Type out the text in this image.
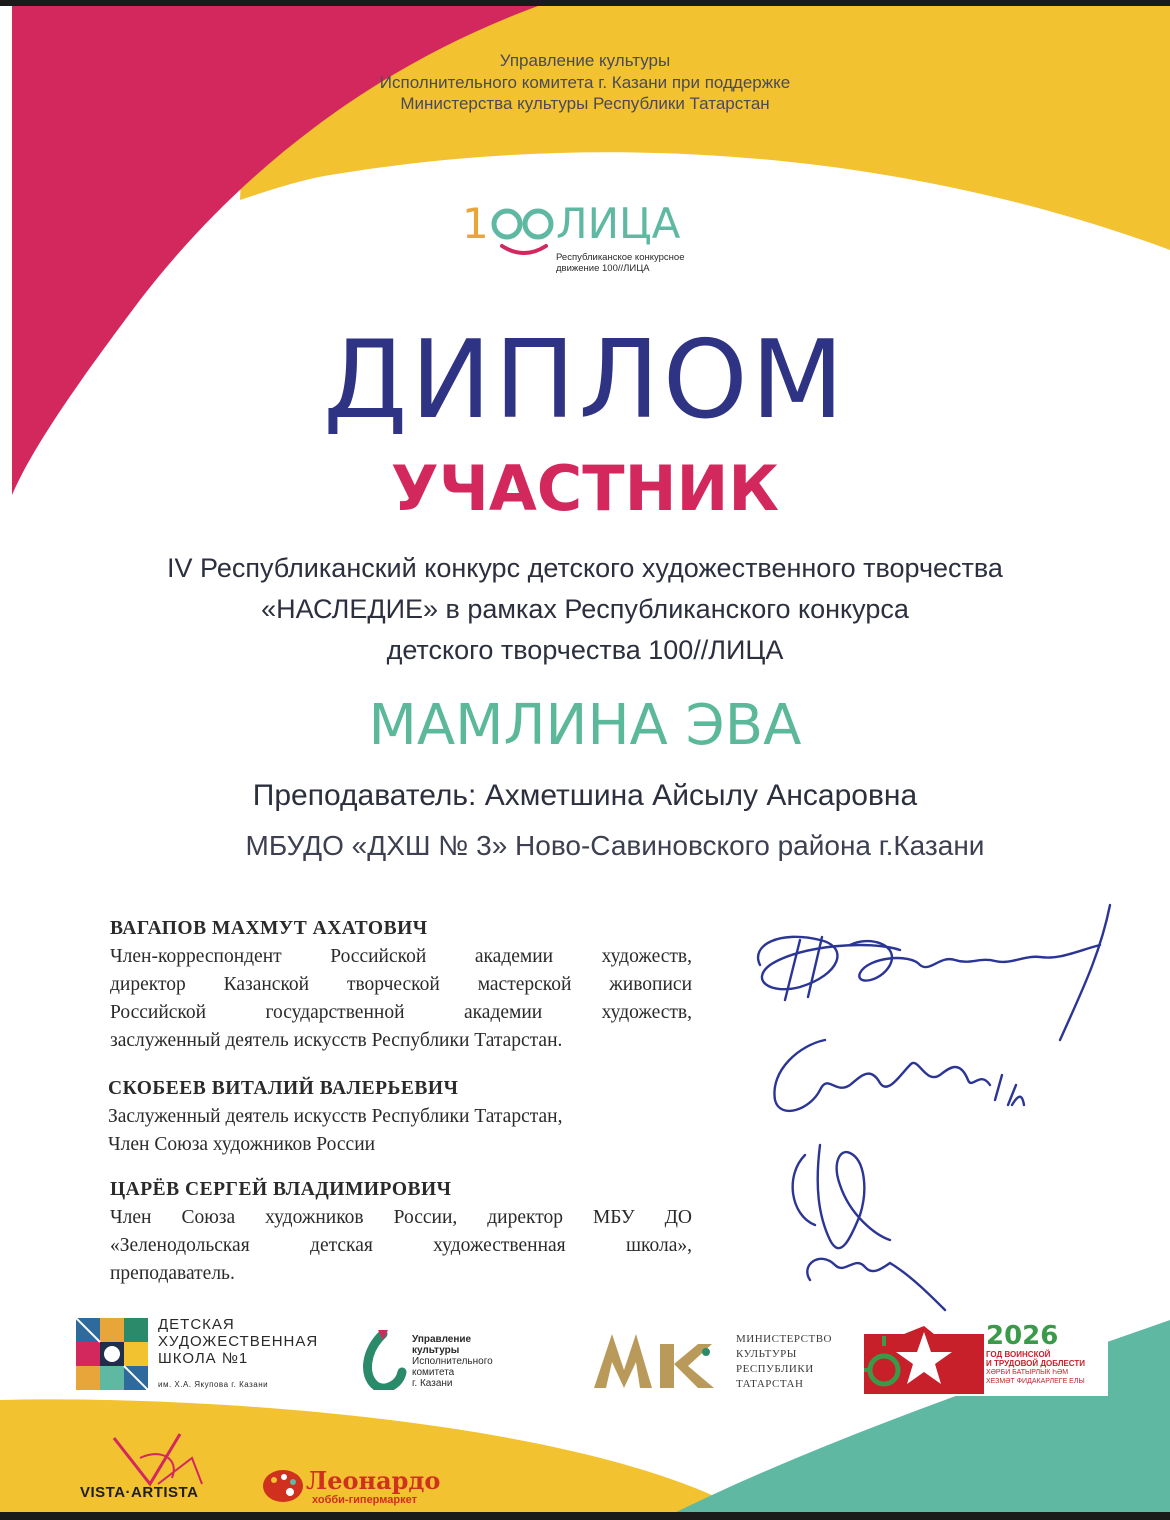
Управление культуры
Исполнительного комитета г. Казани при поддержке
Министерства культуры Республики Татарстан
1 ЛИЦА
Республиканское конкурсное
движение 100//ЛИЦА
ДИПЛОМ
УЧАСТНИК
IV Республиканский конкурс детского художественного творчества
«НАСЛЕДИЕ» в рамках Республиканского конкурса
детского творчества 100//ЛИЦА
МАМЛИНА ЭВА
Преподаватель: Ахметшина Айсылу Ансаровна
МБУДО «ДХШ № 3» Ново-Савиновского района г.Казани
ВАГАПОВ МАХМУТ АХАТОВИЧ
Член-корреспондент Российской академии художеств,
директор Казанской творческой мастерской живописи
Российской государственной академии художеств,
заслуженный деятель искусств Республики Татарстан.
СКОБЕЕВ ВИТАЛИЙ ВАЛЕРЬЕВИЧ
Заслуженный деятель искусств Республики Татарстан,
Член Союза художников России
ЦАРЁВ СЕРГЕЙ ВЛАДИМИРОВИЧ
Член Союза художников России, директор МБУ ДО
«Зеленодольская детская художественная школа»,
преподаватель.
ДЕТСКАЯ
ХУДОЖЕСТВЕННАЯ
ШКОЛА №1
им. Х.А. Якупова г. Казани
Управление
культуры
Исполнительного
комитета
г. Казани
МИНИСТЕРСТВО
КУЛЬТУРЫ
РЕСПУБЛИКИ
ТАТАРСТАН
2026
ГОД ВОИНСКОЙ
И ТРУДОВОЙ ДОБЛЕСТИ
ХӘРБИ БАТЫРЛЫК ҺӘМ
ХЕЗМӘТ ФИДАКАРЛЕГЕ ЕЛЫ
VISTA·ARTISTA	Леонардо
хобби-гипермаркет
